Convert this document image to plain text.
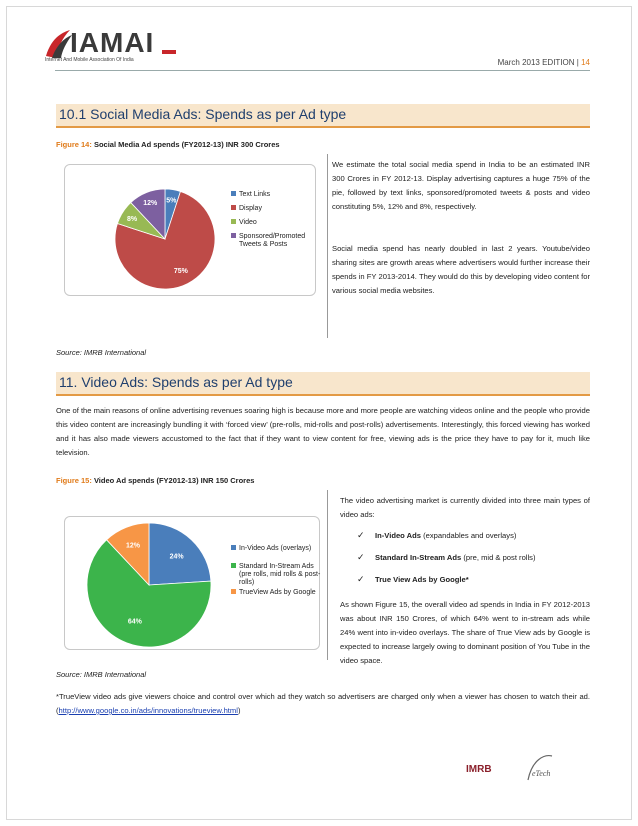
IAMAI
Internet And Mobile Association Of India	March 2013 EDITION | 14
10.1 Social Media Ads: Spends as per Ad type
Figure 14: Social Media Ad spends (FY2012-13) INR 300 Crores
5%
75%
8%
12%
Text Links
Display
Video
Sponsored/Promoted
Tweets & Posts
We estimate the total social media spend in India to be an estimated INR 300 Crores in FY 2012-13. Display advertising captures a huge 75% of the pie, followed by text links, sponsored/promoted tweets & posts and video constituting 5%, 12% and 8%, respectively.
Social media spend has nearly doubled in last 2 years. Youtube/video sharing sites are growth areas where advertisers would further increase their spends in FY 2013-2014. They would do this by developing video content for various social media websites.
Source: IMRB International
11. Video Ads: Spends as per Ad type
One of the main reasons of online advertising revenues soaring high is because more and more people are watching videos online and the people who provide this video content are increasingly bundling it with ‘forced view’ (pre-rolls, mid-rolls and post-rolls) advertisements. Interestingly, this forced viewing has worked and it has also made viewers accustomed to the fact that if they want to view content for free, viewing ads is the price they have to pay for it, much like television.
Figure 15: Video Ad spends (FY2012-13) INR 150 Crores
24%
64%
12%	In-Video Ads (overlays)
Standard In-Stream Ads
(pre rolls, mid rolls & post-
rolls)
TrueView Ads by Google
The video advertising market is currently divided into three main types of video ads:
✓ In-Video Ads (expandables and overlays)
✓ Standard In-Stream Ads (pre, mid & post rolls)
✓ True View Ads by Google*
As shown Figure 15, the overall video ad spends in India in FY 2012-2013 was about INR 150 Crores, of which 64% went to in-stream ads while 24% went into in-video overlays. The share of True View ads by Google is expected to increase largely owing to dominant position of You Tube in the video space.
Source: IMRB International
*TrueView video ads give viewers choice and control over which ad they watch so advertisers are charged only when a viewer has chosen to watch their ad. (http://www.google.co.in/ads/innovations/trueview.html)
IMRB	eTech
